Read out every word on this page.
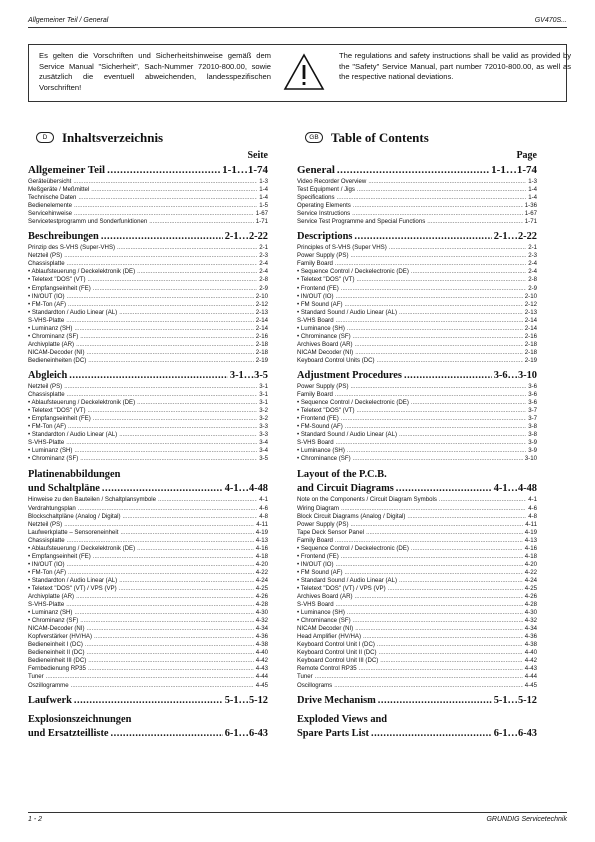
Allgemeiner Teil / General	GV470S...
Es gelten die Vorschriften und Sicherheitshinweise gemäß dem Service Manual "Sicherheit", Sach-Nummer 72010-800.00, sowie zusätzlich die eventuell abweichenden, landesspezifischen Vorschriften!
The regulations and safety instructions shall be valid as provided by the "Safety" Service Manual, part number 72010-800.00, as well as the respective national deviations.
D	Inhaltsverzeichnis
Seite
Allgemeiner Teil .....	1-1…1-74
Geräteübersicht .....	1-3
Meßgeräte / Meßmittel .....	1-4
Technische Daten .....	1-4
Bedienelemente .....	1-5
Servicehinweise .....	1-67
Servicetestprogramm und Sonderfunktionen .....	1-71
Beschreibungen .....	2-1…2-22
Prinzip des S-VHS (Super-VHS) .....	2-1
Netzteil (PS) .....	2-3
Chassisplatte .....	2-4
• Ablaufsteuerung / Deckelektronik (DE) .....	2-4
• Teletext "DOS" (VT) .....	2-8
• Empfangseinheit (FE) .....	2-9
• IN/OUT (IO) .....	2-10
• FM-Ton (AF) .....	2-12
• Standardton / Audio Linear (AL) .....	2-13
S-VHS-Platte .....	2-14
• Luminanz (SH) .....	2-14
• Chrominanz (SF) .....	2-16
Archivplatte (AR) .....	2-18
NICAM-Decoder (NI) .....	2-18
Bedieneinheiten (DC) .....	2-19
Abgleich .....	3-1…3-5
Netzteil (PS) .....	3-1
Chassisplatte .....	3-1
• Ablaufsteuerung / Deckelektronik (DE) .....	3-1
• Teletext "DOS" (VT) .....	3-2
• Empfangseinheit (FE) .....	3-2
• FM-Ton (AF) .....	3-3
• Standardton / Audio Linear (AL) .....	3-3
S-VHS-Platte .....	3-4
• Luminanz (SH) .....	3-4
• Chrominanz (SF) .....	3-5
Platinenabbildungen
und Schaltpläne .....	4-1…4-48
Hinweise zu den Bauteilen / Schaltplansymbole .....	4-1
Verdrahtungsplan .....	4-6
Blockschaltpläne (Analog / Digital) .....	4-8
Netzteil (PS) .....	4-11
Laufwerkplatte – Sensoreneinheit .....	4-19
Chassisplatte .....	4-13
• Ablaufsteuerung / Deckelektronik (DE) .....	4-16
• Empfangseinheit (FE) .....	4-18
• IN/OUT (IO) .....	4-20
• FM-Ton (AF) .....	4-22
• Standardton / Audio Linear (AL) .....	4-24
• Teletext "DOS" (VT) / VPS (VP) .....	4-25
Archivplatte (AR) .....	4-26
S-VHS-Platte .....	4-28
• Luminanz (SH) .....	4-30
• Chrominanz (SF) .....	4-32
NICAM-Decoder (NI) .....	4-34
Kopfverstärker (HV/HA) .....	4-36
Bedieneinheit I (DC) .....	4-38
Bedieneinheit II (DC) .....	4-40
Bedieneinheit III (DC) .....	4-42
Fernbedienung RP35 .....	4-43
Tuner .....	4-44
Oszillogramme .....	4-45
Laufwerk .....	5-1…5-12
Explosionszeichnungen
und Ersatzteilliste .....	6-1…6-43
GB Table of Contents
Page
General .....	1-1…1-74
Video Recorder Overview .....	1-3
Test Equipment / Jigs .....	1-4
Specifications .....	1-4
Operating Elements .....	1-36
Service Instructions .....	1-67
Service Test Programme and Special Functions .....	1-71
Descriptions .....	2-1…2-22
Principles of S-VHS (Super VHS) .....	2-1
Power Supply (PS) .....	2-3
Family Board .....	2-4
• Sequence Control / Deckelectronic (DE) .....	2-4
• Teletext "DOS" (VT) .....	2-8
• Frontend (FE) .....	2-9
• IN/OUT (IO) .....	2-10
• FM Sound (AF) .....	2-12
• Standard Sound / Audio Linear (AL) .....	2-13
S-VHS Board .....	2-14
• Luminance (SH) .....	2-14
• Chrominance (SF) .....	2-16
Archives Board (AR) .....	2-18
NICAM Decoder (NI) .....	2-18
Keyboard Control Units (DC) .....	2-19
Adjustment Procedures .....	3-6…3-10
Power Supply (PS) .....	3-6
Family Board .....	3-6
• Sequence Control / Deckelectronic (DE) .....	3-6
• Teletext "DOS" (VT) .....	3-7
• Frontend (FE) .....	3-7
• FM-Sound (AF) .....	3-8
• Standard Sound / Audio Linear (AL) .....	3-8
S-VHS Board .....	3-9
• Luminance (SH) .....	3-9
• Chrominance (SF) .....	3-10
Layout of the P.C.B.
and Circuit Diagrams .....	4-1…4-48
Note on the Components / Circuit Diagram Symbols .....	4-1
Wiring Diagram .....	4-6
Block Circuit Diagrams (Analog / Digital) .....	4-8
Power Supply (PS) .....	4-11
Tape Deck Sensor Panel .....	4-19
Family Board .....	4-13
• Sequence Control / Deckelectronic (DE) .....	4-16
• Frontend (FE) .....	4-18
• IN/OUT (IO) .....	4-20
• FM Sound (AF) .....	4-22
• Standard Sound / Audio Linear (AL) .....	4-24
• Teletext "DOS" (VT) / VPS (VP) .....	4-25
Archives Board (AR) .....	4-26
S-VHS Board .....	4-28
• Luminance (SH) .....	4-30
• Chrominance (SF) .....	4-32
NICAM Decoder (NI) .....	4-34
Head Amplifier (HV/HA) .....	4-36
Keyboard Control Unit I (DC) .....	4-38
Keyboard Control Unit II (DC) .....	4-40
Keyboard Control Unit III (DC) .....	4-42
Remote Control RP35 .....	4-43
Tuner .....	4-44
Oscillograms .....	4-45
Drive Mechanism .....	5-1…5-12
Exploded Views and
Spare Parts List .....	6-1…6-43
1 - 2	GRUNDIG Servicetechnik
